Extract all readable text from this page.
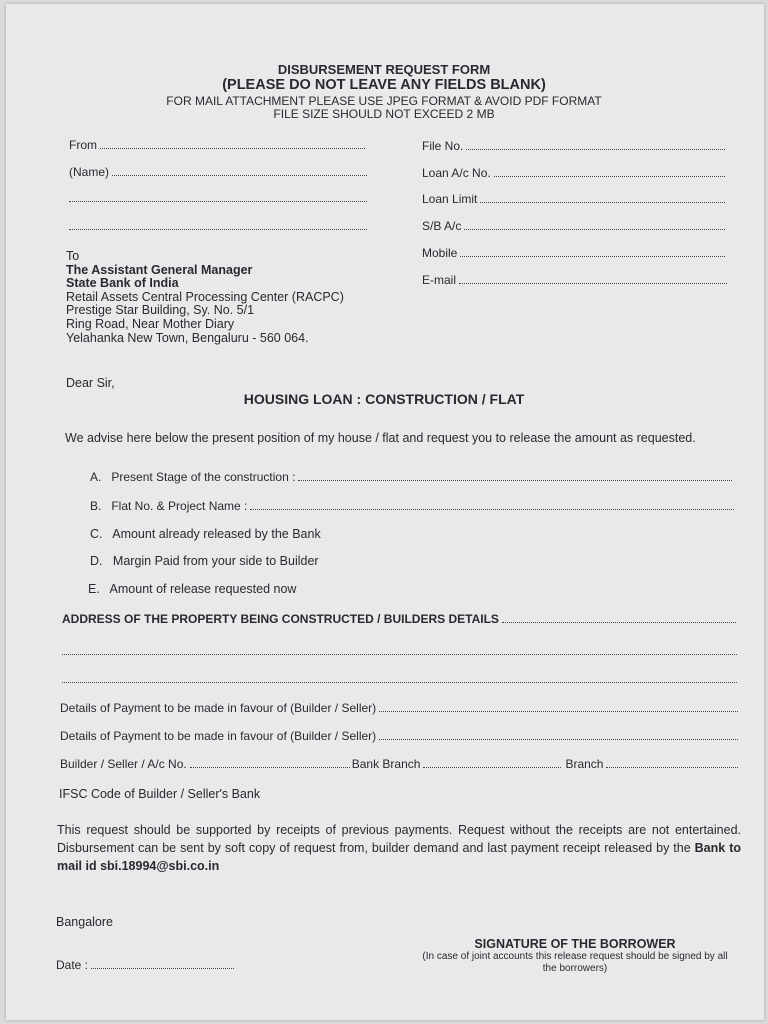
DISBURSEMENT REQUEST FORM
(PLEASE DO NOT LEAVE ANY FIELDS BLANK)
FOR MAIL ATTACHMENT PLEASE USE JPEG FORMAT & AVOID PDF FORMAT
FILE SIZE SHOULD NOT EXCEED 2 MB
From
(Name)
File No.
Loan A/c No.
Loan Limit
S/B A/c
Mobile
E-mail
To
The Assistant General Manager
State Bank of India
Retail Assets Central Processing Center (RACPC)
Prestige Star Building, Sy. No. 5/1
Ring Road, Near Mother Diary
Yelahanka New Town, Bengaluru - 560 064.
Dear Sir,
HOUSING LOAN : CONSTRUCTION / FLAT
We advise here below the present position of my house / flat and request you to release the amount as requested.
A.   Present Stage of the construction :
B.   Flat No. & Project Name :
C.   Amount already released by the Bank
D.   Margin Paid from your side to Builder
E.   Amount of release requested now
ADDRESS OF THE PROPERTY BEING CONSTRUCTED / BUILDERS DETAILS
Details of Payment to be made in favour of (Builder / Seller)
Details of Payment to be made in favour of (Builder / Seller)
Builder / Seller / A/c No.	Bank Branch	Branch
IFSC Code of Builder / Seller's Bank
This request should be supported by receipts of previous payments. Request without the receipts are not entertained. Disbursement can be sent by soft copy of request from, builder demand and last payment receipt released by the Bank to mail id sbi.18994@sbi.co.in
Bangalore
Date :
SIGNATURE OF THE BORROWER
(In case of joint accounts this release request should be signed by all the borrowers)
